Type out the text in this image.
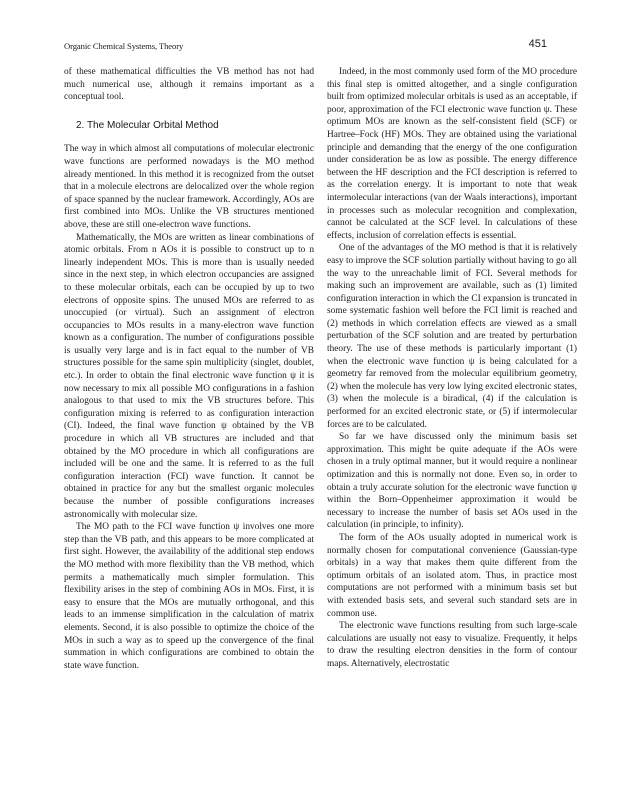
Organic Chemical Systems, Theory	451

of these mathematical difficulties the VB method has not had much numerical use, although it remains important as a conceptual tool.

2. The Molecular Orbital Method

The way in which almost all computations of molecular electronic wave functions are performed nowadays is the MO method already mentioned. In this method it is recognized from the outset that in a molecule electrons are delocalized over the whole region of space spanned by the nuclear framework. Accordingly, AOs are first combined into MOs. Unlike the VB structures mentioned above, these are still one-electron wave functions.

Mathematically, the MOs are written as linear combinations of atomic orbitals. From n AOs it is possible to construct up to n linearly independent MOs. This is more than is usually needed since in the next step, in which electron occupancies are assigned to these molecular orbitals, each can be occupied by up to two electrons of opposite spins. The unused MOs are referred to as unoccupied (or virtual). Such an assignment of electron occupancies to MOs results in a many-electron wave function known as a configuration. The number of configurations possible is usually very large and is in fact equal to the number of VB structures possible for the same spin multiplicity (singlet, doublet, etc.). In order to obtain the final electronic wave function ψ it is now necessary to mix all possible MO configurations in a fashion analogous to that used to mix the VB structures before. This configuration mixing is referred to as configuration interaction (CI). Indeed, the final wave function ψ obtained by the VB procedure in which all VB structures are included and that obtained by the MO procedure in which all configurations are included will be one and the same. It is referred to as the full configuration interaction (FCI) wave function. It cannot be obtained in practice for any but the smallest organic molecules because the number of possible configurations increases astronomically with molecular size.

The MO path to the FCI wave function ψ involves one more step than the VB path, and this appears to be more complicated at first sight. However, the availability of the additional step endows the MO method with more flexibility than the VB method, which permits a mathematically much simpler formulation. This flexibility arises in the step of combining AOs in MOs. First, it is easy to ensure that the MOs are mutually orthogonal, and this leads to an immense simplification in the calculation of matrix elements. Second, it is also possible to optimize the choice of the MOs in such a way as to speed up the convergence of the final summation in which configurations are combined to obtain the state wave function.

Indeed, in the most commonly used form of the MO procedure this final step is omitted altogether, and a single configuration built from optimized molecular orbitals is used as an acceptable, if poor, approximation of the FCI electronic wave function ψ. These optimum MOs are known as the self-consistent field (SCF) or Hartree–Fock (HF) MOs. They are obtained using the variational principle and demanding that the energy of the one configuration under consideration be as low as possible. The energy difference between the HF description and the FCI description is referred to as the correlation energy. It is important to note that weak intermolecular interactions (van der Waals interactions), important in processes such as molecular recognition and complexation, cannot be calculated at the SCF level. In calculations of these effects, inclusion of correlation effects is essential.

One of the advantages of the MO method is that it is relatively easy to improve the SCF solution partially without having to go all the way to the unreachable limit of FCI. Several methods for making such an improvement are available, such as (1) limited configuration interaction in which the CI expansion is truncated in some systematic fashion well before the FCI limit is reached and (2) methods in which correlation effects are viewed as a small perturbation of the SCF solution and are treated by perturbation theory. The use of these methods is particularly important (1) when the electronic wave function ψ is being calculated for a geometry far removed from the molecular equilibrium geometry, (2) when the molecule has very low lying excited electronic states, (3) when the molecule is a biradical, (4) if the calculation is performed for an excited electronic state, or (5) if intermolecular forces are to be calculated.

So far we have discussed only the minimum basis set approximation. This might be quite adequate if the AOs were chosen in a truly optimal manner, but it would require a nonlinear optimization and this is normally not done. Even so, in order to obtain a truly accurate solution for the electronic wave function ψ within the Born–Oppenheimer approximation it would be necessary to increase the number of basis set AOs used in the calculation (in principle, to infinity).

The form of the AOs usually adopted in numerical work is normally chosen for computational convenience (Gaussian-type orbitals) in a way that makes them quite different from the optimum orbitals of an isolated atom. Thus, in practice most computations are not performed with a minimum basis set but with extended basis sets, and several such standard sets are in common use.

The electronic wave functions resulting from such large-scale calculations are usually not easy to visualize. Frequently, it helps to draw the resulting electron densities in the form of contour maps. Alternatively, electrostatic
